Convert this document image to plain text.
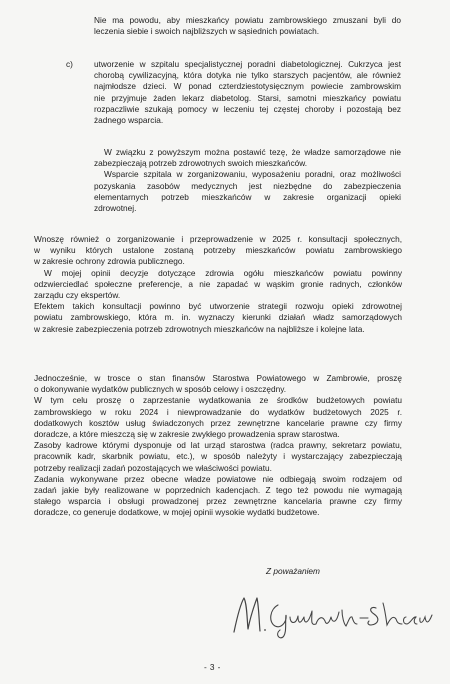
Nie ma powodu, aby mieszkańcy powiatu zambrowskiego zmuszani byli do
leczenia siebie i swoich najbliższych w sąsiednich powiatach.
c)	utworzenie w szpitalu specjalistycznej poradni diabetologicznej. Cukrzyca jest
chorobą cywilizacyjną, która dotyka nie tylko starszych pacjentów, ale również
najmłodsze dzieci. W ponad czterdziestotysięcznym powiecie zambrowskim
nie przyjmuje żaden lekarz diabetolog. Starsi, samotni mieszkańcy powiatu
rozpaczliwie szukają pomocy w leczeniu tej częstej choroby i pozostają bez
żadnego wsparcia.
W związku z powyższym można postawić tezę, że władze samorządowe nie
zabezpieczają potrzeb zdrowotnych swoich mieszkańców.
Wsparcie szpitala w zorganizowaniu, wyposażeniu poradni, oraz możliwości
pozyskania zasobów medycznych jest niezbędne do zabezpieczenia
elementarnych potrzeb mieszkańców w zakresie organizacji opieki
zdrowotnej.
Wnoszę również o zorganizowanie i przeprowadzenie w 2025 r. konsultacji społecznych,
w wyniku których ustalone zostaną potrzeby mieszkańców powiatu zambrowskiego
w zakresie ochrony zdrowia publicznego.
W mojej opinii decyzje dotyczące zdrowia ogółu mieszkańców powiatu powinny
odzwierciedlać społeczne preferencje, a nie zapadać w wąskim gronie radnych, członków
zarządu czy ekspertów.
Efektem takich konsultacji powinno być utworzenie strategii rozwoju opieki zdrowotnej
powiatu zambrowskiego, która m. in. wyznaczy kierunki działań władz samorządowych
w zakresie zabezpieczenia potrzeb zdrowotnych mieszkańców na najbliższe i kolejne lata.
Jednocześnie, w trosce o stan finansów Starostwa Powiatowego w Zambrowie, proszę
o dokonywanie wydatków publicznych w sposób celowy i oszczędny.
W tym celu proszę o zaprzestanie wydatkowania ze środków budżetowych powiatu
zambrowskiego w roku 2024 i niewprowadzanie do wydatków budżetowych 2025 r.
dodatkowych kosztów usług świadczonych przez zewnętrzne kancelarie prawne czy firmy
doradcze, a które mieszczą się w zakresie zwykłego prowadzenia spraw starostwa.
Zasoby kadrowe którymi dysponuje od lat urząd starostwa (radca prawny, sekretarz powiatu,
pracownik kadr, skarbnik powiatu, etc.), w sposób należyty i wystarczający zabezpieczają
potrzeby realizacji zadań pozostających we właściwości powiatu.
Zadania wykonywane przez obecne władze powiatowe nie odbiegają swoim rodzajem od
zadań jakie były realizowane w poprzednich kadencjach. Z tego też powodu nie wymagają
stałego wsparcia i obsługi prowadzonej przez zewnętrzne kancelaria prawne czy firmy
doradcze, co generuje dodatkowe, w mojej opinii wysokie wydatki budżetowe.
Z poważaniem
- 3 -
